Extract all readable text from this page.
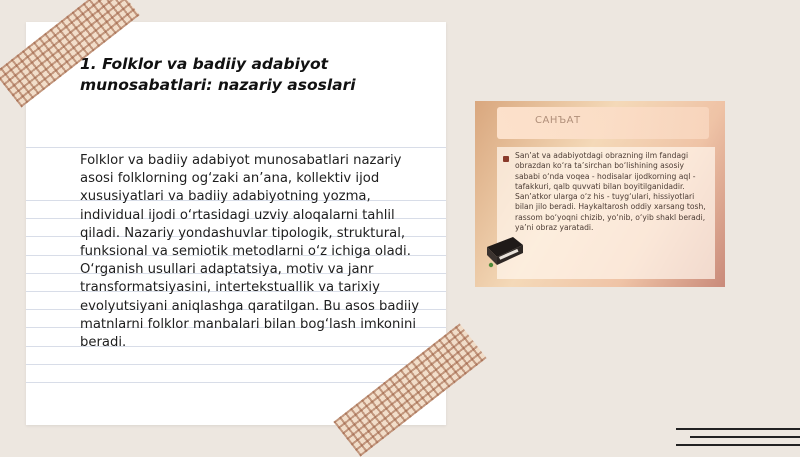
1. Folklor va badiiy adabiyot munosabatlari: nazariy asoslari

Folklor va badiiy adabiyot munosabatlari nazariy asosi folklorning og‘zaki an’ana, kollektiv ijod xususiyatlari va badiiy adabiyotning yozma, individual ijodi o‘rtasidagi uzviy aloqalarni tahlil qiladi. Nazariy yondashuvlar tipologik, struktural, funksional va semiotik metodlarni o‘z ichiga oladi. O‘rganish usullari adaptatsiya, motiv va janr transformatsiyasini, intertekstuallik va tarixiy evolyutsiyani aniqlashga qaratilgan. Bu asos badiiy matnlarni folklor manbalari bilan bog‘lash imkonini beradi.

САНЪАТ

San’at va adabiyotdagi obrazning ilm fandagi obrazdan ko‘ra ta’sirchan bo‘lishining asosiy sababi o‘nda voqea - hodisalar ijodkorning aql - tafakkuri, qalb quvvati bilan boyitilganidadir. San’atkor ularga o‘z his - tuyg‘ulari, hissiyotlari bilan jilo beradi. Haykaltarosh oddiy xarsang tosh, rassom bo‘yoqni chizib, yo‘nib, o‘yib shakl beradi, ya’ni obraz yaratadi.
